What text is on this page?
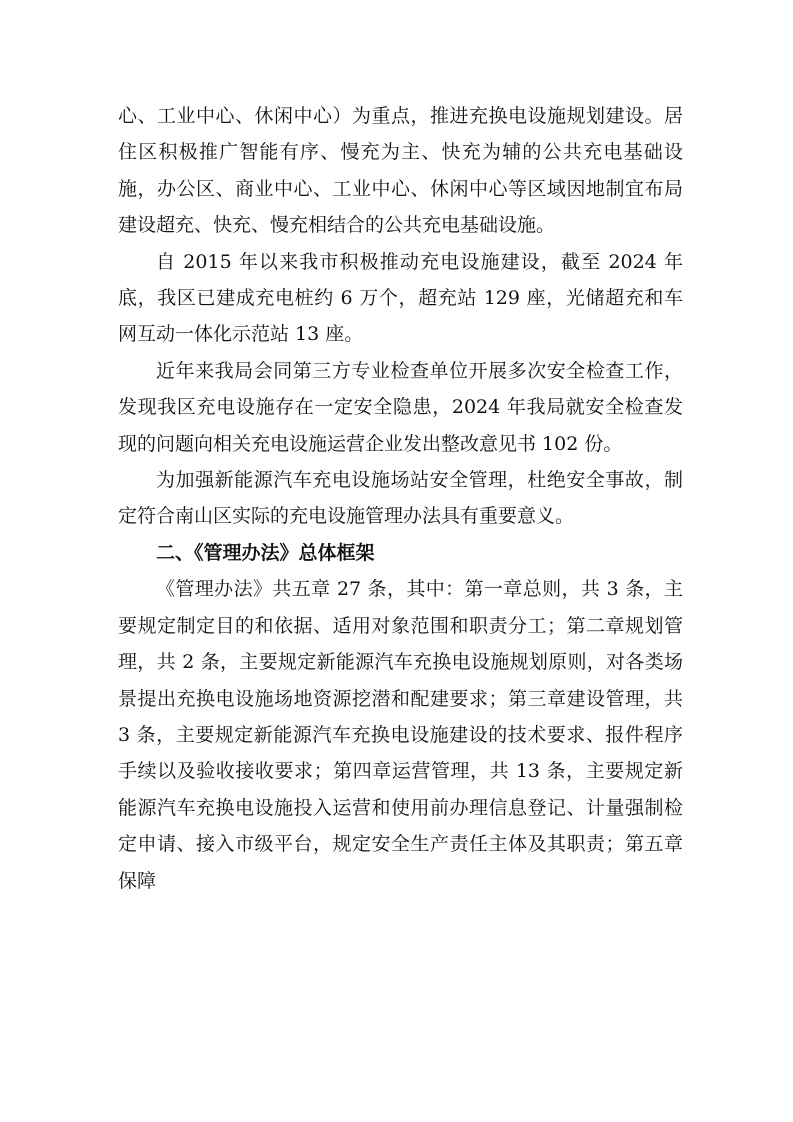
心、工业中心、休闲中心）为重点，推进充换电设施规划建设。居住区积极推广智能有序、慢充为主、快充为辅的公共充电基础设施，办公区、商业中心、工业中心、休闲中心等区域因地制宜布局建设超充、快充、慢充相结合的公共充电基础设施。

自 2015 年以来我市积极推动充电设施建设，截至 2024 年底，我区已建成充电桩约 6 万个，超充站 129 座，光储超充和车网互动一体化示范站 13 座。

近年来我局会同第三方专业检查单位开展多次安全检查工作，发现我区充电设施存在一定安全隐患，2024 年我局就安全检查发现的问题向相关充电设施运营企业发出整改意见书 102 份。

为加强新能源汽车充电设施场站安全管理，杜绝安全事故，制定符合南山区实际的充电设施管理办法具有重要意义。

二、《管理办法》总体框架

《管理办法》共五章 27 条，其中：第一章总则，共 3 条，主要规定制定目的和依据、适用对象范围和职责分工；第二章规划管理，共 2 条，主要规定新能源汽车充换电设施规划原则，对各类场景提出充换电设施场地资源挖潜和配建要求；第三章建设管理，共 3 条，主要规定新能源汽车充换电设施建设的技术要求、报件程序手续以及验收接收要求；第四章运营管理，共 13 条，主要规定新能源汽车充换电设施投入运营和使用前办理信息登记、计量强制检定申请、接入市级平台，规定安全生产责任主体及其职责；第五章保障
